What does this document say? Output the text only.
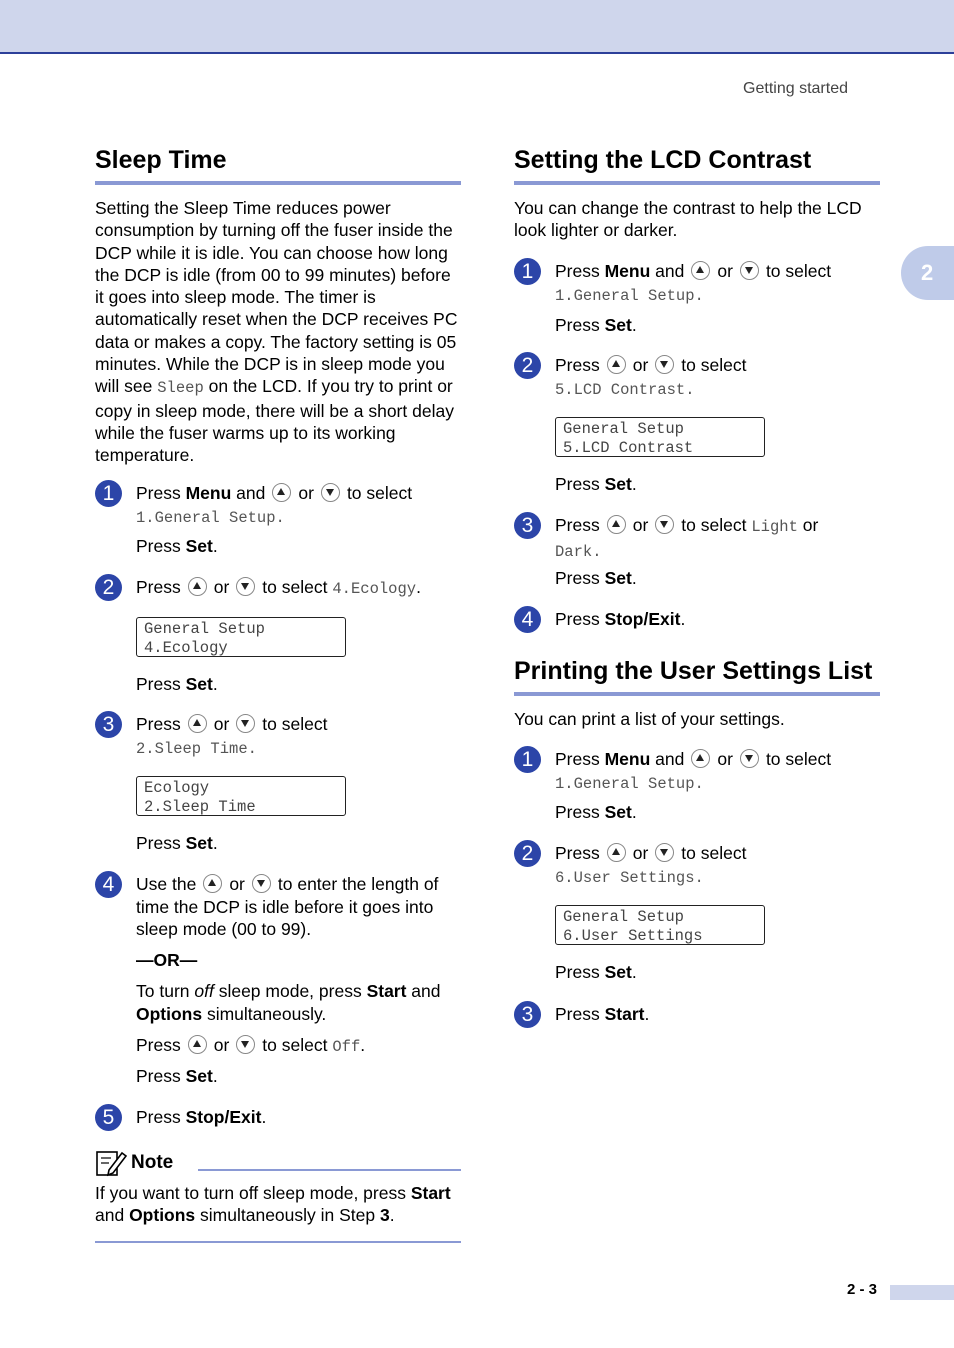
Getting started
2
Sleep Time
Setting the Sleep Time reduces power consumption by turning off the fuser inside the DCP while it is idle. You can choose how long the DCP is idle (from 00 to 99 minutes) before it goes into sleep mode. The timer is automatically reset when the DCP receives PC data or makes a copy. The factory setting is 05 minutes. While the DCP is in sleep mode you will see Sleep on the LCD. If you try to print or copy in sleep mode, there will be a short delay while the fuser warms up to its working temperature.
1	Press Menu and or to select
1.General Setup.
Press Set.
2	Press or to select 4.Ecology.
General Setup
4.Ecology
Press Set.
3	Press or to select
2.Sleep Time.
Ecology
2.Sleep Time
Press Set.
4	Use the or to enter the length of time the DCP is idle before it goes into sleep mode (00 to 99).
—OR—
To turn off sleep mode, press Start and
Options simultaneously.
Press or to select Off.
Press Set.
5	Press Stop/Exit.
Note
If you want to turn off sleep mode, press Start
and Options simultaneously in Step 3.
Setting the LCD Contrast
You can change the contrast to help the LCD look lighter or darker.
1	Press Menu and or to select
1.General Setup.
Press Set.
2	Press or to select
5.LCD Contrast.
General Setup
5.LCD Contrast
Press Set.
3	Press or to select Light or
Dark.
Press Set.
4	Press Stop/Exit.
Printing the User Settings List
You can print a list of your settings.
1	Press Menu and or to select
1.General Setup.
Press Set.
2	Press or to select
6.User Settings.
General Setup
6.User Settings
Press Set.
3	Press Start.
2 - 3
